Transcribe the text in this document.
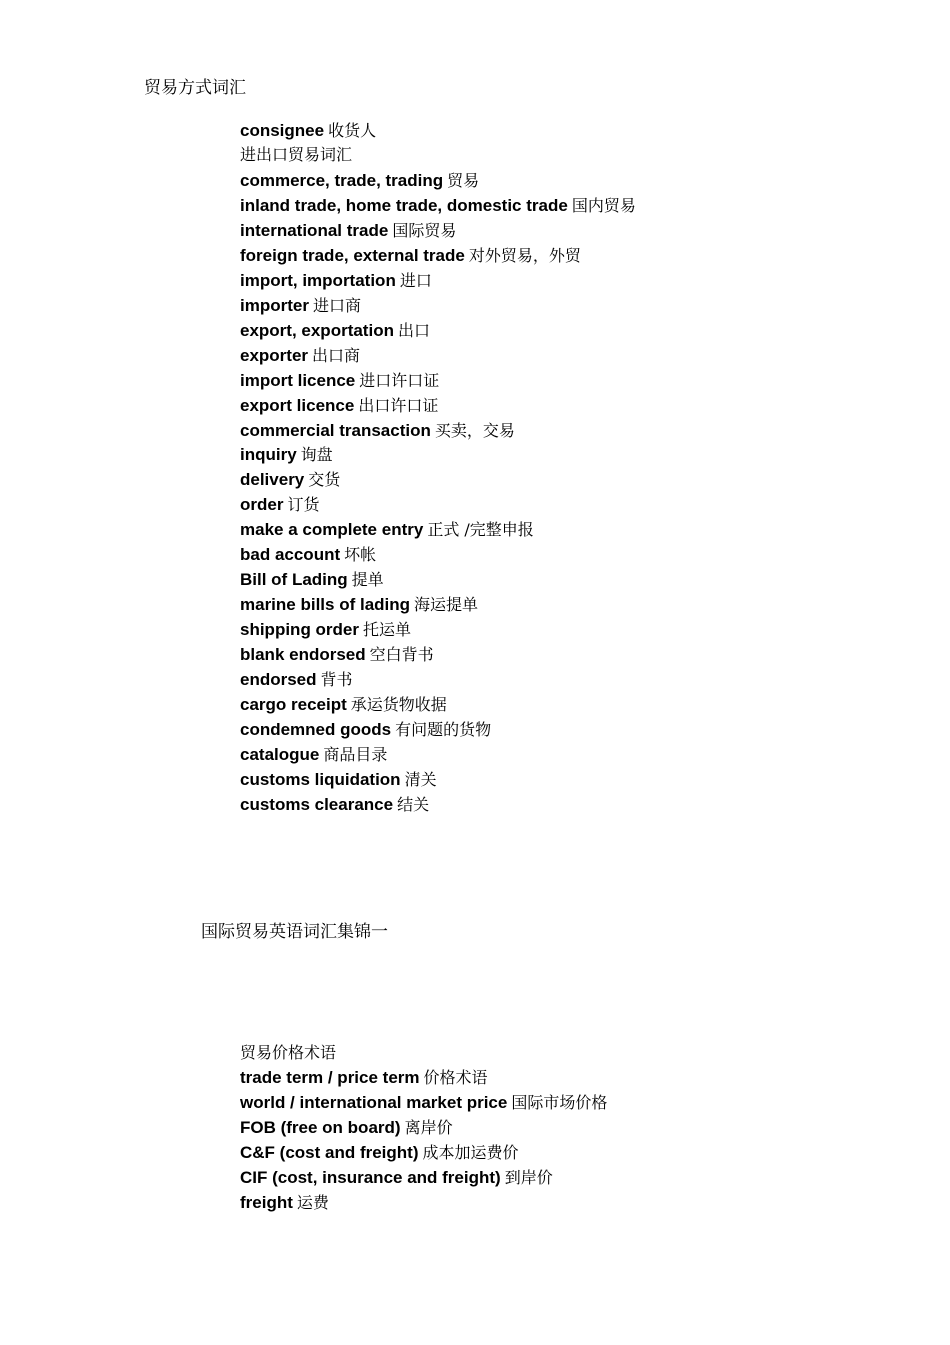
贸易方式词汇
consignee 收货人
进出口贸易词汇
commerce, trade, trading 贸易
inland trade, home trade, domestic trade 国内贸易
international trade 国际贸易
foreign trade, external trade 对外贸易，外贸
import, importation 进口
importer 进口商
export, exportation 出口
exporter 出口商
import licence 进口许口证
export licence 出口许口证
commercial transaction 买卖，交易
inquiry 询盘
delivery 交货
order 订货
make a complete entry 正式 /完整申报
bad account 坏帐
Bill of Lading 提单
marine bills of lading 海运提单
shipping order 托运单
blank endorsed 空白背书
endorsed 背书
cargo receipt 承运货物收据
condemned goods 有问题的货物
catalogue 商品目录
customs liquidation 清关
customs clearance 结关
国际贸易英语词汇集锦一
贸易价格术语
trade term / price term 价格术语
world / international market price 国际市场价格
FOB (free on board) 离岸价
C&F (cost and freight) 成本加运费价
CIF (cost, insurance and freight) 到岸价
freight 运费
